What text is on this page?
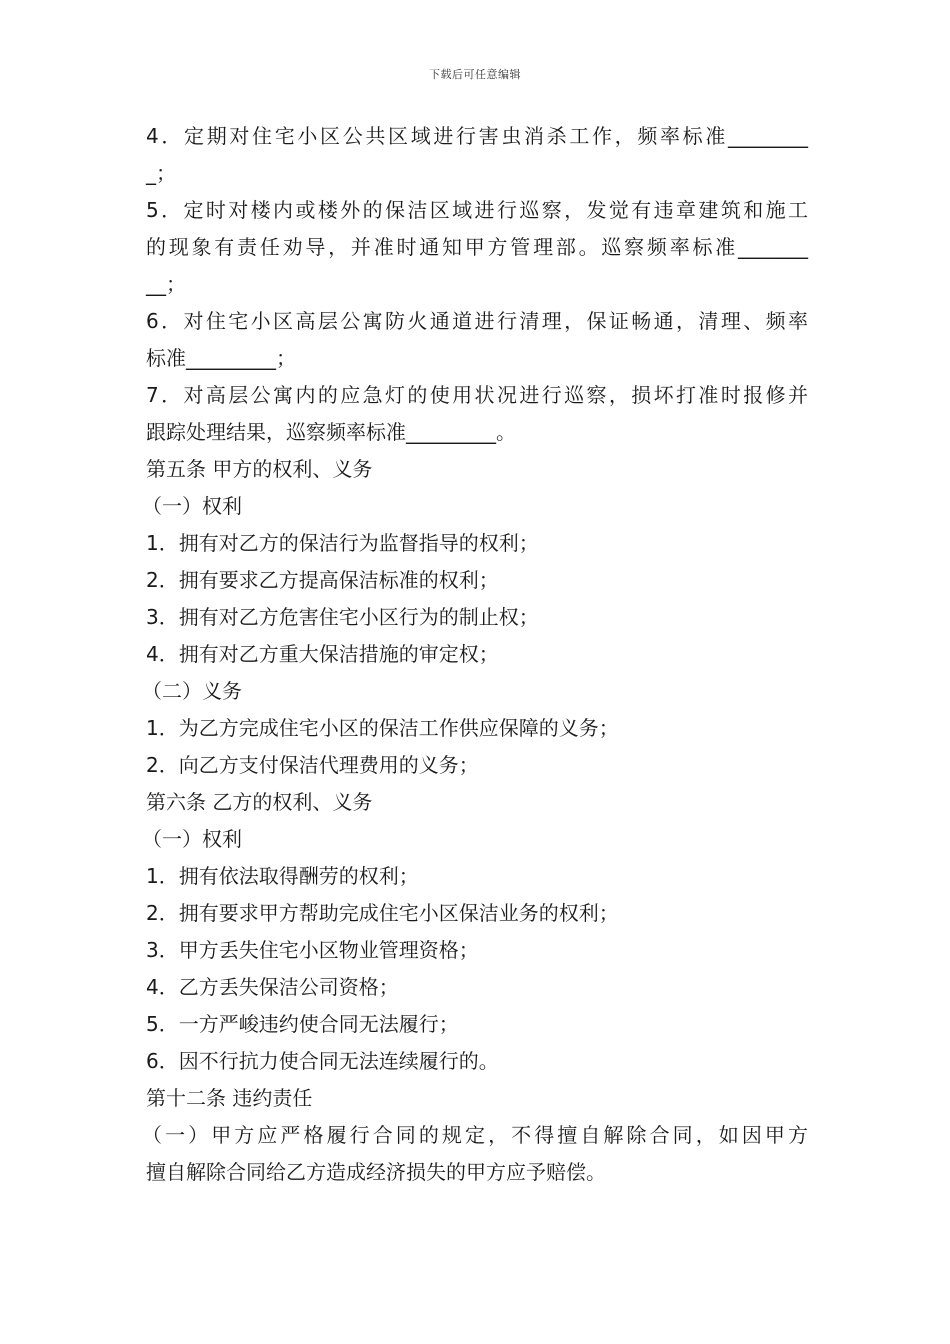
下载后可任意编辑
4．定期对住宅小区公共区域进行害虫消杀工作，频率标准________
_；
5．定时对楼内或楼外的保洁区域进行巡察，发觉有违章建筑和施工
的现象有责任劝导，并准时通知甲方管理部。巡察频率标准_______
__；
6．对住宅小区高层公寓防火通道进行清理，保证畅通，清理、频率
标准_________；
7．对高层公寓内的应急灯的使用状况进行巡察，损坏打准时报修并
跟踪处理结果，巡察频率标准_________。
第五条 甲方的权利、义务
（一）权利
1．拥有对乙方的保洁行为监督指导的权利；
2．拥有要求乙方提高保洁标准的权利；
3．拥有对乙方危害住宅小区行为的制止权；
4．拥有对乙方重大保洁措施的审定权；
（二）义务
1．为乙方完成住宅小区的保洁工作供应保障的义务；
2．向乙方支付保洁代理费用的义务；
第六条 乙方的权利、义务
（一）权利
1．拥有依法取得酬劳的权利；
2．拥有要求甲方帮助完成住宅小区保洁业务的权利；
3．甲方丢失住宅小区物业管理资格；
4．乙方丢失保洁公司资格；
5．一方严峻违约使合同无法履行；
6．因不行抗力使合同无法连续履行的。
第十二条 违约责任
（一）甲方应严格履行合同的规定，不得擅自解除合同，如因甲方
擅自解除合同给乙方造成经济损失的甲方应予赔偿。
